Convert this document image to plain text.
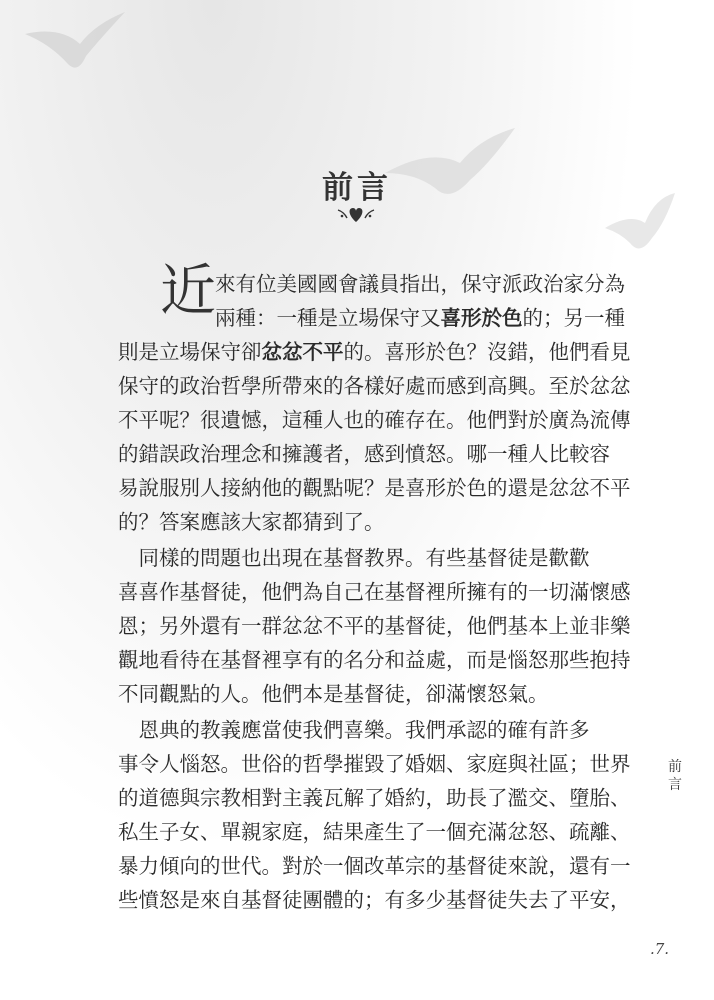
前言
近 來有位美國國會議員指出，保守派政治家分為
兩種：一種是立場保守又喜形於色的；另一種
則是立場保守卻忿忿不平的。喜形於色？沒錯，他們看見
保守的政治哲學所帶來的各樣好處而感到高興。至於忿忿
不平呢？很遺憾，這種人也的確存在。他們對於廣為流傳
的錯誤政治理念和擁護者，感到憤怒。哪一種人比較容
易說服別人接納他的觀點呢？是喜形於色的還是忿忿不平
的？答案應該大家都猜到了。
　同樣的問題也出現在基督教界。有些基督徒是歡歡
喜喜作基督徒，他們為自己在基督裡所擁有的一切滿懷感
恩；另外還有一群忿忿不平的基督徒，他們基本上並非樂
觀地看待在基督裡享有的名分和益處，而是惱怒那些抱持
不同觀點的人。他們本是基督徒，卻滿懷怒氣。
　恩典的教義應當使我們喜樂。我們承認的確有許多
事令人惱怒。世俗的哲學摧毀了婚姻、家庭與社區；世界
的道德與宗教相對主義瓦解了婚約，助長了濫交、墮胎、
私生子女、單親家庭，結果產生了一個充滿忿怒、疏離、
暴力傾向的世代。對於一個改革宗的基督徒來說，還有一
些憤怒是來自基督徒團體的；有多少基督徒失去了平安，
前
言
.7.
